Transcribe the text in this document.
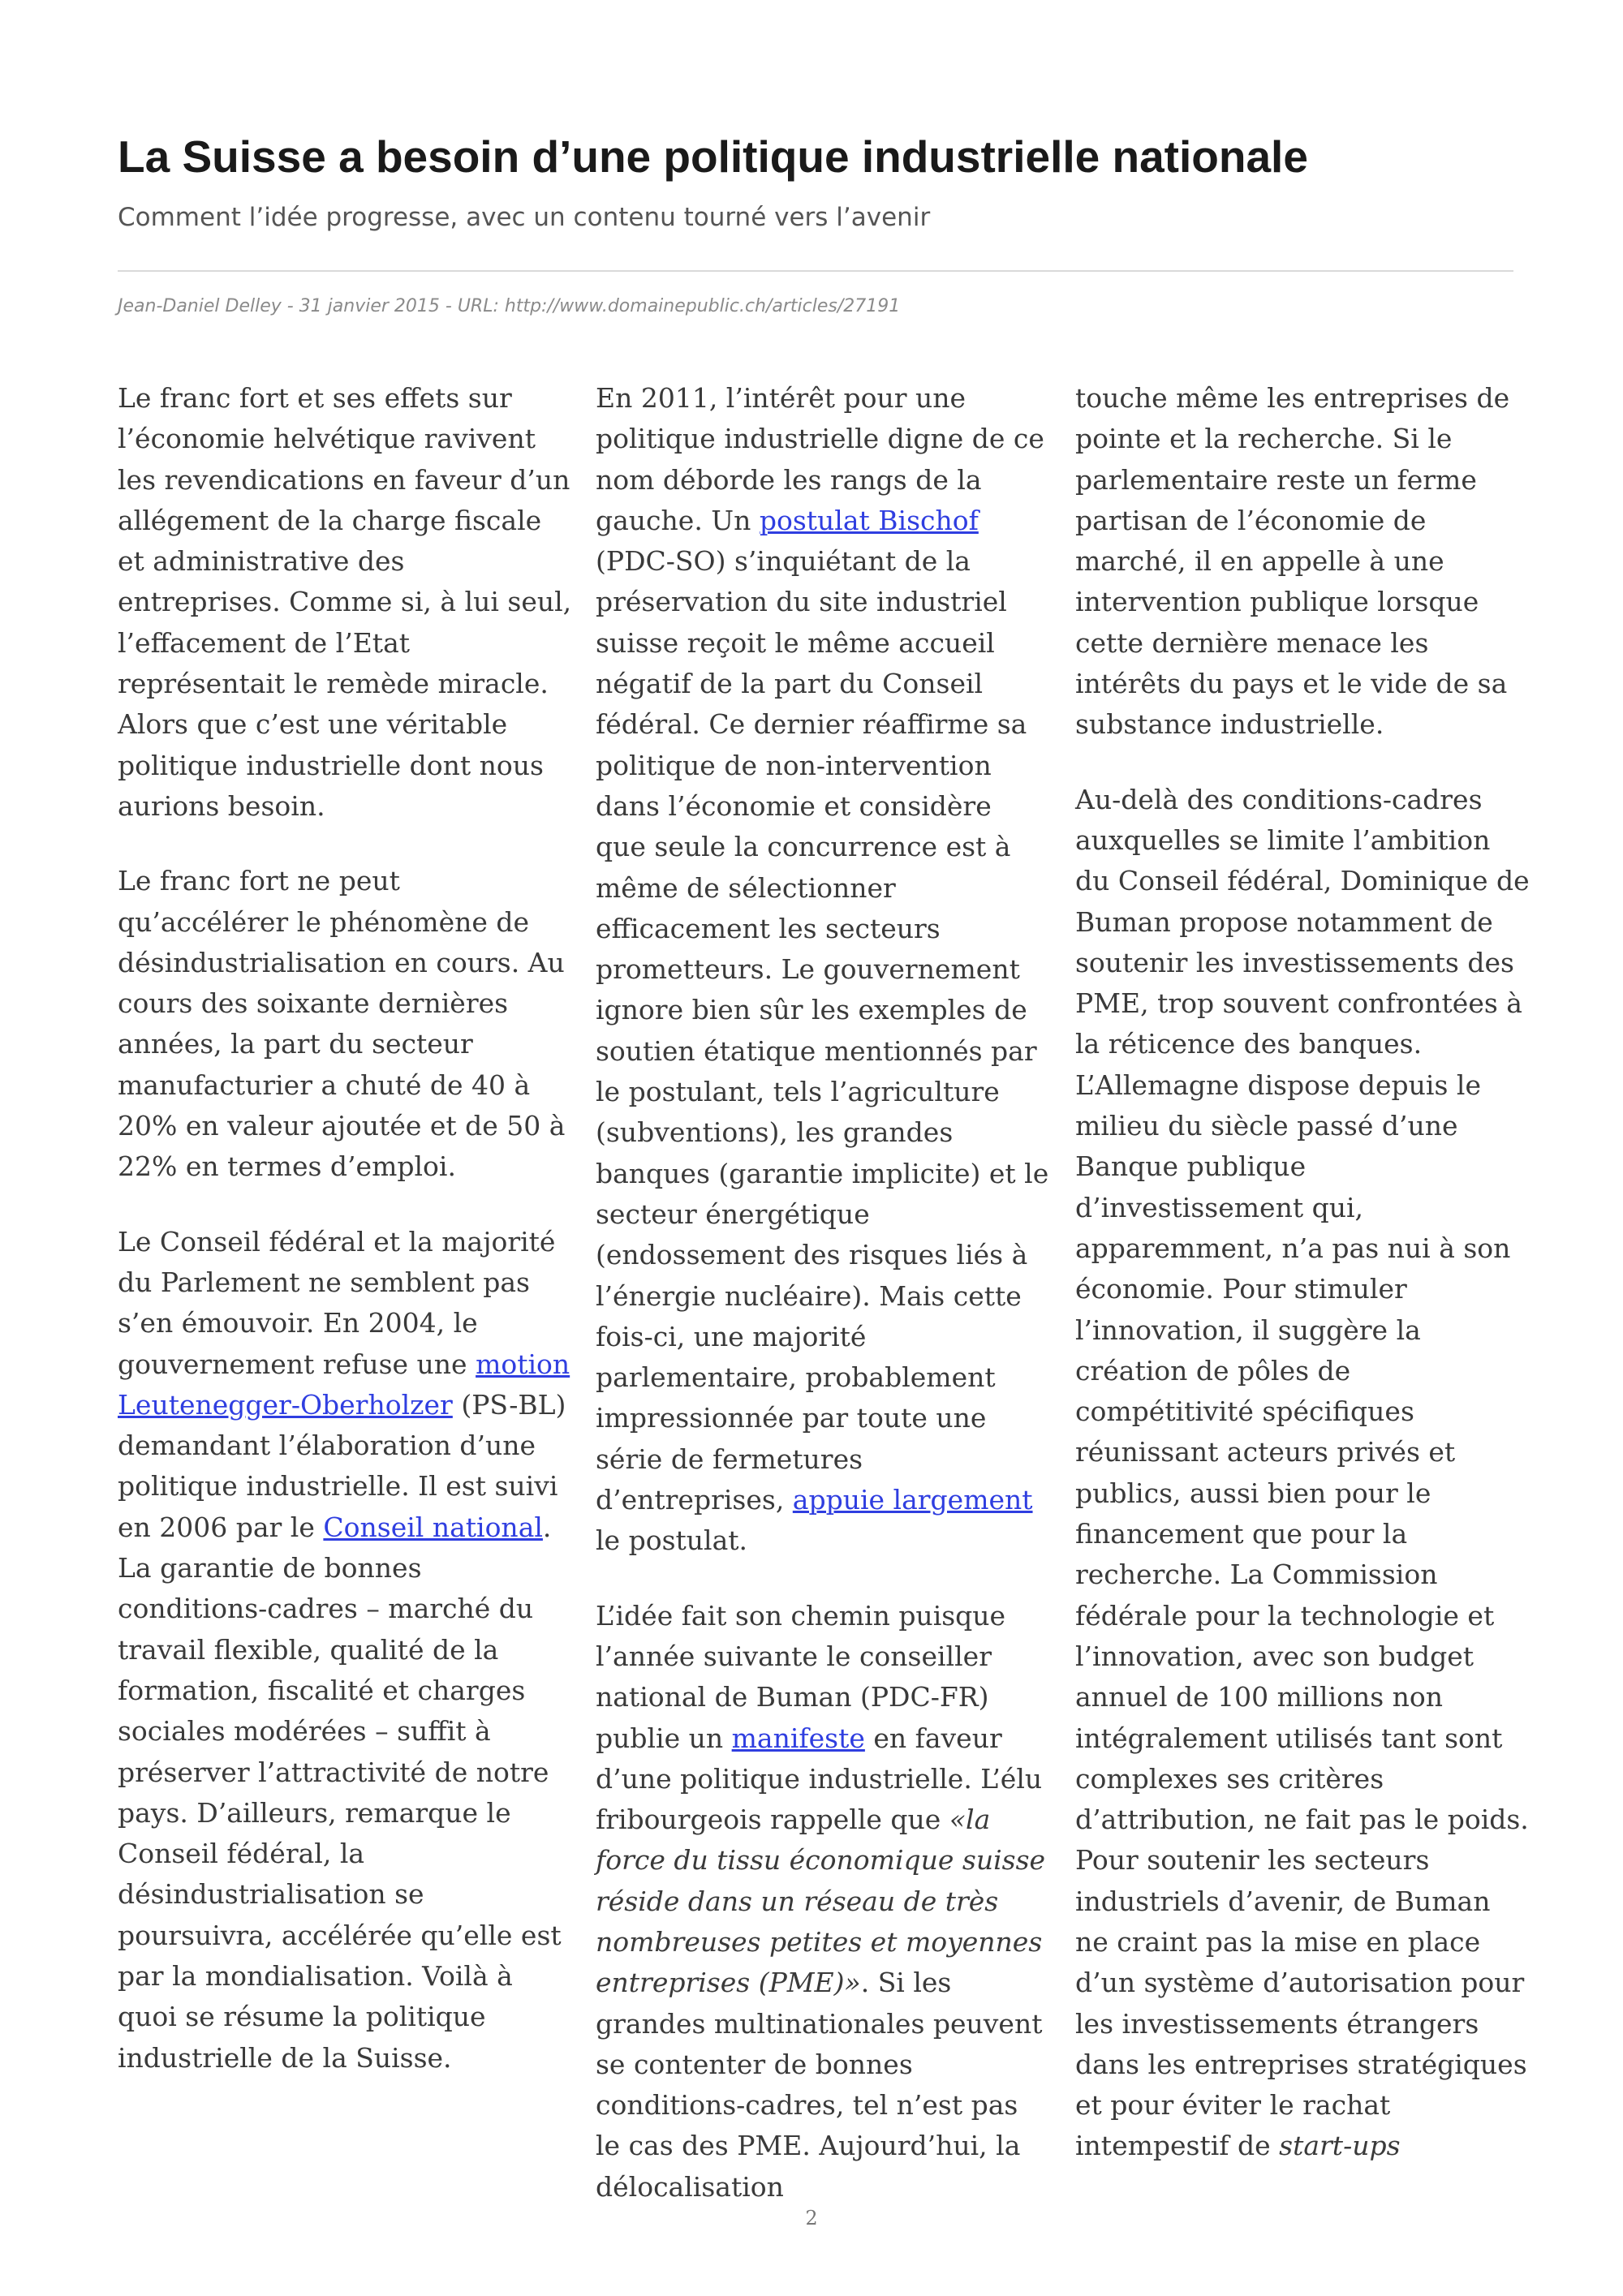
La Suisse a besoin d’une politique industrielle nationale
Comment l’idée progresse, avec un contenu tourné vers l’avenir
Jean-Daniel Delley - 31 janvier 2015 - URL: http://www.domainepublic.ch/articles/27191

Le franc fort et ses effets sur l’économie helvétique ravivent les revendications en faveur d’un allégement de la charge fiscale et administrative des entreprises. Comme si, à lui seul, l’effacement de l’Etat représentait le remède miracle. Alors que c’est une véritable politique industrielle dont nous aurions besoin.

Le franc fort ne peut qu’accélérer le phénomène de désindustrialisation en cours. Au cours des soixante dernières années, la part du secteur manufacturier a chuté de 40 à 20% en valeur ajoutée et de 50 à 22% en termes d’emploi.

Le Conseil fédéral et la majorité du Parlement ne semblent pas s’en émouvoir. En 2004, le gouvernement refuse une motion Leutenegger-Oberholzer (PS-BL) demandant l’élaboration d’une politique industrielle. Il est suivi en 2006 par le Conseil national. La garantie de bonnes conditions-cadres – marché du travail flexible, qualité de la formation, fiscalité et charges sociales modérées – suffit à préserver l’attractivité de notre pays. D’ailleurs, remarque le Conseil fédéral, la désindustrialisation se poursuivra, accélérée qu’elle est par la mondialisation. Voilà à quoi se résume la politique industrielle de la Suisse.

En 2011, l’intérêt pour une politique industrielle digne de ce nom déborde les rangs de la gauche. Un postulat Bischof (PDC-SO) s’inquiétant de la préservation du site industriel suisse reçoit le même accueil négatif de la part du Conseil fédéral. Ce dernier réaffirme sa politique de non-intervention dans l’économie et considère que seule la concurrence est à même de sélectionner efficacement les secteurs prometteurs. Le gouvernement ignore bien sûr les exemples de soutien étatique mentionnés par le postulant, tels l’agriculture (subventions), les grandes banques (garantie implicite) et le secteur énergétique (endossement des risques liés à l’énergie nucléaire). Mais cette fois-ci, une majorité parlementaire, probablement impressionnée par toute une série de fermetures d’entreprises, appuie largement le postulat.

L’idée fait son chemin puisque l’année suivante le conseiller national de Buman (PDC-FR) publie un manifeste en faveur d’une politique industrielle. L’élu fribourgeois rappelle que «la force du tissu économique suisse réside dans un réseau de très nombreuses petites et moyennes entreprises (PME)». Si les grandes multinationales peuvent se contenter de bonnes conditions-cadres, tel n’est pas le cas des PME. Aujourd’hui, la délocalisation

touche même les entreprises de pointe et la recherche. Si le parlementaire reste un ferme partisan de l’économie de marché, il en appelle à une intervention publique lorsque cette dernière menace les intérêts du pays et le vide de sa substance industrielle.

Au-delà des conditions-cadres auxquelles se limite l’ambition du Conseil fédéral, Dominique de Buman propose notamment de soutenir les investissements des PME, trop souvent confrontées à la réticence des banques. L’Allemagne dispose depuis le milieu du siècle passé d’une Banque publique d’investissement qui, apparemment, n’a pas nui à son économie. Pour stimuler l’innovation, il suggère la création de pôles de compétitivité spécifiques réunissant acteurs privés et publics, aussi bien pour le financement que pour la recherche. La Commission fédérale pour la technologie et l’innovation, avec son budget annuel de 100 millions non intégralement utilisés tant sont complexes ses critères d’attribution, ne fait pas le poids. Pour soutenir les secteurs industriels d’avenir, de Buman ne craint pas la mise en place d’un système d’autorisation pour les investissements étrangers dans les entreprises stratégiques et pour éviter le rachat intempestif de start-ups

2
